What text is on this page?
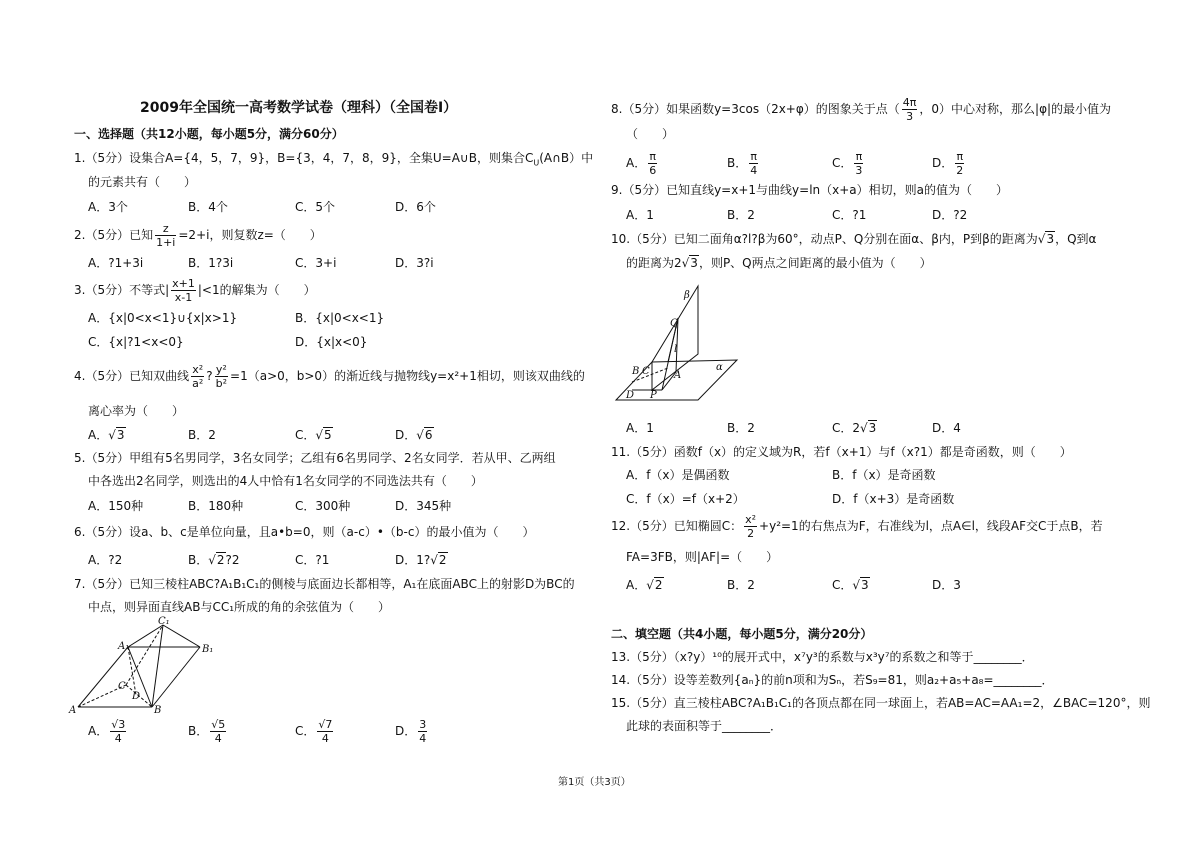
2009年全国统一高考数学试卷（理科）（全国卷Ⅰ）
一、选择题（共12小题，每小题5分，满分60分）
1.（5分）设集合A={4，5，7，9}，B={3，4，7，8，9}，全集U=A∪B，则集合$C_U(A\cap B)$中
的元素共有（　　）
A．3个	B．4个	C．5个	D．6个
2.（5分）已知 $\frac{z}{1+i} =2+i$，则复数z=（　　）
A．?1+3i	B．1?3i	C．3+i	D．3?i
3.（5分）不等式| $\frac{x+1}{x-1} |<1$的解集为（　　）
A．{x|0<x<1}∪{x|x>1}	B．{x|0<x<1}
C．{x|?1<x<0}	D．{x|x<0}
4.（5分）已知双曲线 $\frac{\text{x²}}{\text{a²}}$ ? $\frac{\text{y²}}{\text{b²}} =1(a>0$，b>0）的渐近线与抛物线y=x²+1相切，则该双曲线的
离心率为（　　）
A．√3	B．2	C．√5	D．√6
5.（5分）甲组有5名男同学，3名女同学；乙组有6名男同学、2名女同学．若从甲、乙两组
中各选出2名同学，则选出的4人中恰有1名女同学的不同选法共有（　　）
A．150种	B．180种	C．300种	D．345种
6.（5分）设a、b、c是单位向量，且a•b=0，则（a-c）•（b-c）的最小值为（　　）
A．?2	B．√2?2	C．?1	D．1?√2
7.（5分）已知三棱柱ABC?A₁B₁C₁的侧棱与底面边长都相等，A₁在底面ABC上的射影D为BC的
中点，则异面直线AB与CC₁所成的角的余弦值为（　　）
C₁
A₁	B₁
C
D
A	B
A． $\frac{√3}{4}$	B． $\frac{√5}{4}$	C． $\frac{√7}{4}$	D． $\frac{3}{4}$
8.（5分）如果函数y=3cos（2x+φ）的图象关于点（ $\frac{4\pi}{3}$ ，0）中心对称，那么|φ|的最小值为
（　　）
A． $\frac{\pi}{6}$	B． $\frac{\pi}{4}$	C． $\frac{\pi}{3}$	D． $\frac{\pi}{2}$
9.（5分）已知直线y=x+1与曲线y=ln（x+a）相切，则a的值为（　　）
A．1	B．2	C．?1	D．?2
10.（5分）已知二面角α?l?β为60°，动点P、Q分别在面α、β内，P到β的距离为√3，Q到α
的距离为2√3，则P、Q两点之间距离的最小值为（　　）
β
Q
l
α
B C A
D P
A．1	B．2	C．2√3	D．4
11.（5分）函数f（x）的定义域为R，若f（x+1）与f（x?1）都是奇函数，则（　　）
A．f（x）是偶函数	B．f（x）是奇函数
C．f（x）=f（x+2）	D．f（x+3）是奇函数
12.（5分）已知椭圆C： $\frac{\text{x²}}{2} +y^2=1$的右焦点为F，右准线为l，点A∈l，线段AF交C于点B，若
FA=3FB，则|AF|=（　　）
A．√2	B．2	C．√3	D．3
二、填空题（共4小题，每小题5分，满分20分）
13.（5分）（x?y）¹⁰的展开式中，x⁷y³的系数与x³y⁷的系数之和等于________．
14.（5分）设等差数列{aₙ}的前n项和为Sₙ，若S₉=81，则a₂+a₅+a₈=________．
15.（5分）直三棱柱ABC?A₁B₁C₁的各顶点都在同一球面上，若AB=AC=AA₁=2，∠BAC=120°，则
此球的表面积等于________．
第1页（共3页）
